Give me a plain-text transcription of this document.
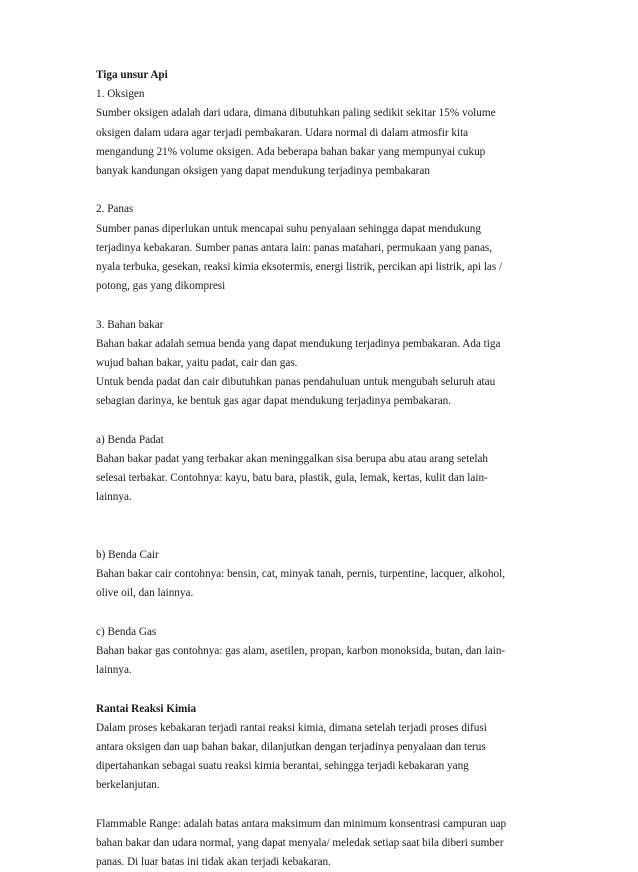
Tiga unsur Api
1. Oksigen
Sumber oksigen adalah dari udara, dimana dibutuhkan paling sedikit sekitar 15% volume
oksigen dalam udara agar terjadi pembakaran. Udara normal di dalam atmosfir kita
mengandung 21% volume oksigen. Ada beberapa bahan bakar yang mempunyai cukup
banyak kandungan oksigen yang dapat mendukung terjadinya pembakaran
2. Panas
Sumber panas diperlukan untuk mencapai suhu penyalaan sehingga dapat mendukung
terjadinya kebakaran. Sumber panas antara lain: panas matahari, permukaan yang panas,
nyala terbuka, gesekan, reaksi kimia eksotermis, energi listrik, percikan api listrik, api las /
potong, gas yang dikompresi
3. Bahan bakar
Bahan bakar adalah semua benda yang dapat mendukung terjadinya pembakaran. Ada tiga
wujud bahan bakar, yaitu padat, cair dan gas.
Untuk benda padat dan cair dibutuhkan panas pendahuluan untuk mengubah seluruh atau
sebagian darinya, ke bentuk gas agar dapat mendukung terjadinya pembakaran.
a) Benda Padat
Bahan bakar padat yang terbakar akan meninggalkan sisa berupa abu atau arang setelah
selesai terbakar. Contohnya: kayu, batu bara, plastik, gula, lemak, kertas, kulit dan lain-
lainnya.
b) Benda Cair
Bahan bakar cair contohnya: bensin, cat, minyak tanah, pernis, turpentine, lacquer, alkohol,
olive oil, dan lainnya.
c) Benda Gas
Bahan bakar gas contohnya: gas alam, asetilen, propan, karbon monoksida, butan, dan lain-
lainnya.
Rantai Reaksi Kimia
Dalam proses kebakaran terjadi rantai reaksi kimia, dimana setelah terjadi proses difusi
antara oksigen dan uap bahan bakar, dilanjutkan dengan terjadinya penyalaan dan terus
dipertahankan sebagai suatu reaksi kimia berantai, sehingga terjadi kebakaran yang
berkelanjutan.
Flammable Range: adalah batas antara maksimum dan minimum konsentrasi campuran uap
bahan bakar dan udara normal, yang dapat menyala/ meledak setiap saat bila diberi sumber
panas. Di luar batas ini tidak akan terjadi kebakaran.
